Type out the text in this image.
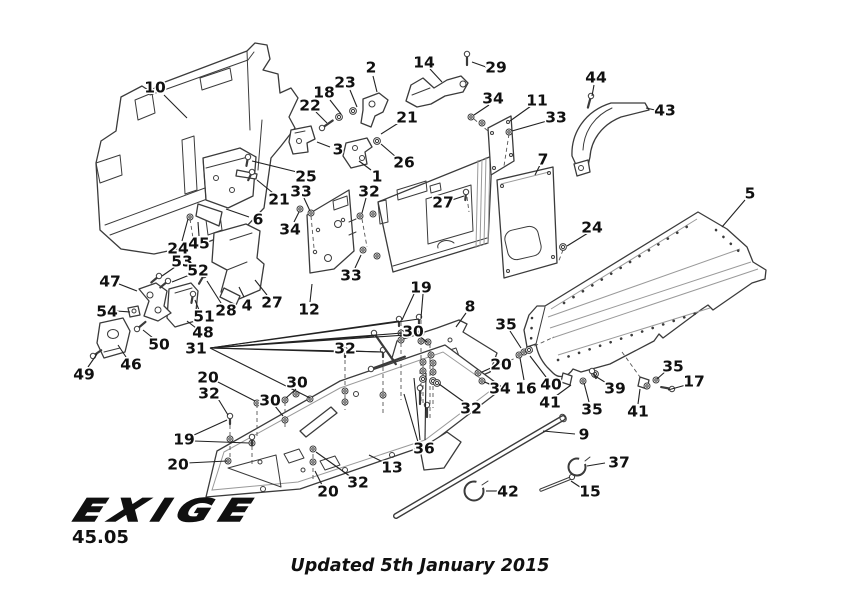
10
2
23
18
22
14	29
44
43
34 11
33
7
27
24
5
25
21
26
3
1
33	32
34
21
6
24 45
53
52
47
54	28 4 27 12
33
51
48
50
46
49
31
19
30
8
35
20
34 16 40
32	41 35
39
35
17
41
36
9
13
32
20
19
20
20
32
30
30
32
37
42	15
EXIGE
45.05
Updated 5th January 2015
